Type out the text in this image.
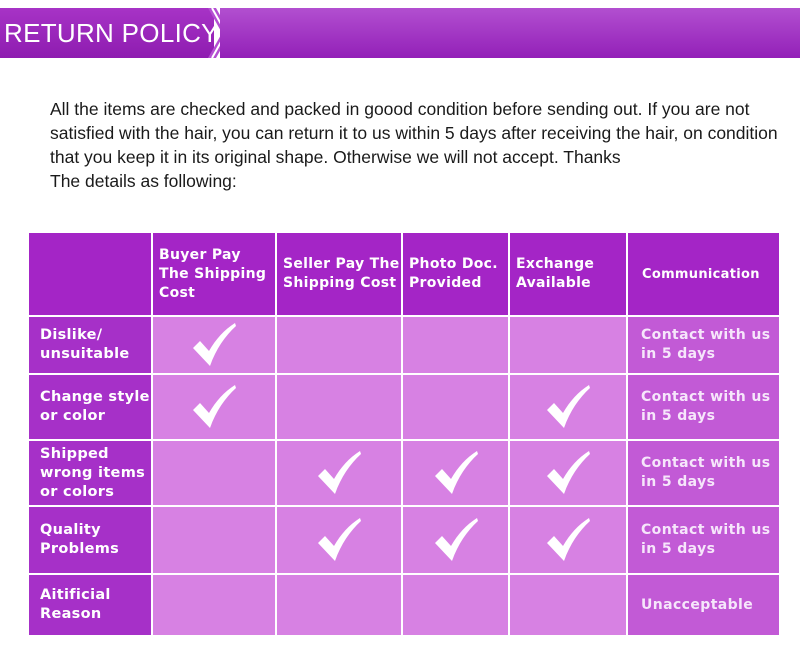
RETURN POLICY

All the items are checked and packed in goood condition before sending out. If you are not satisfied with the hair, you can return it to us within 5 days after receiving the hair, on condition that you keep it in its original shape. Otherwise we will not accept. Thanks

The details as following:

	Buyer Pay The Shipping Cost	Seller Pay The Shipping Cost	Photo Doc. Provided	Exchange Available	Communication
Dislike/ unsuitable					Contact with us in 5 days
Change style or color					Contact with us in 5 days
Shipped wrong items or colors					Contact with us in 5 days
Quality Problems					Contact with us in 5 days
Aitificial Reason					Unacceptable
